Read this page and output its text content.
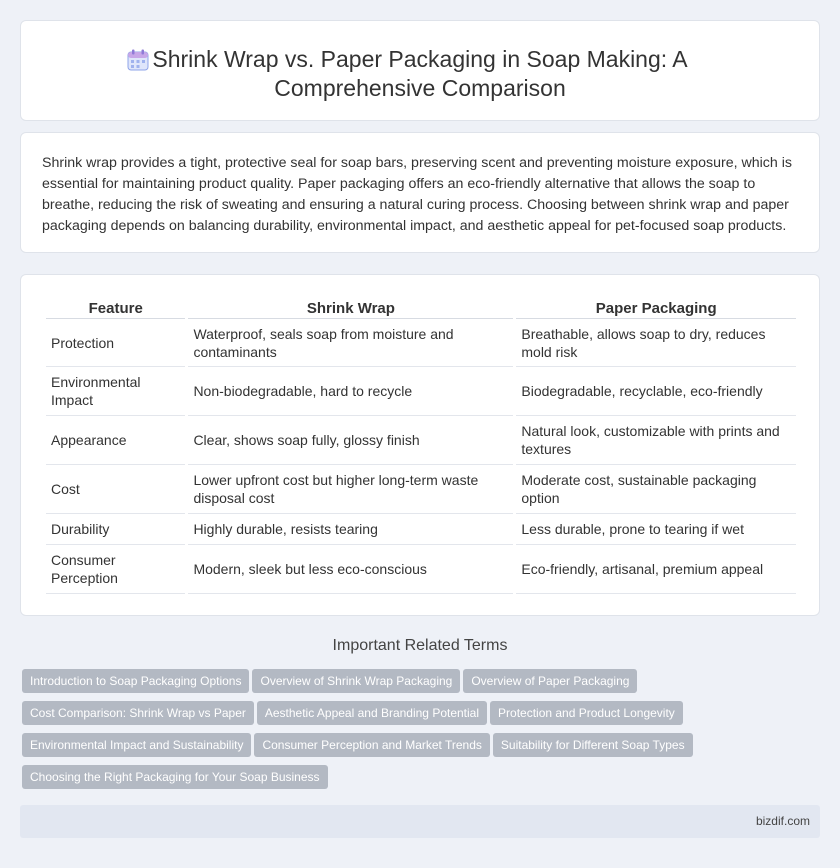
Shrink Wrap vs. Paper Packaging in Soap Making: A Comprehensive Comparison

Shrink wrap provides a tight, protective seal for soap bars, preserving scent and preventing moisture exposure, which is essential for maintaining product quality. Paper packaging offers an eco-friendly alternative that allows the soap to breathe, reducing the risk of sweating and ensuring a natural curing process. Choosing between shrink wrap and paper packaging depends on balancing durability, environmental impact, and aesthetic appeal for pet-focused soap products.

Feature	Shrink Wrap	Paper Packaging
Protection	Waterproof, seals soap from moisture and contaminants	Breathable, allows soap to dry, reduces mold risk
Environmental Impact	Non-biodegradable, hard to recycle	Biodegradable, recyclable, eco-friendly
Appearance	Clear, shows soap fully, glossy finish	Natural look, customizable with prints and textures
Cost	Lower upfront cost but higher long-term waste disposal cost	Moderate cost, sustainable packaging option
Durability	Highly durable, resists tearing	Less durable, prone to tearing if wet
Consumer Perception	Modern, sleek but less eco-conscious	Eco-friendly, artisanal, premium appeal
Important Related Terms
Introduction to Soap Packaging Options Overview of Shrink Wrap Packaging Overview of Paper Packaging
Cost Comparison: Shrink Wrap vs Paper Aesthetic Appeal and Branding Potential Protection and Product Longevity
Environmental Impact and Sustainability Consumer Perception and Market Trends Suitability for Different Soap Types
Choosing the Right Packaging for Your Soap Business
bizdif.com
